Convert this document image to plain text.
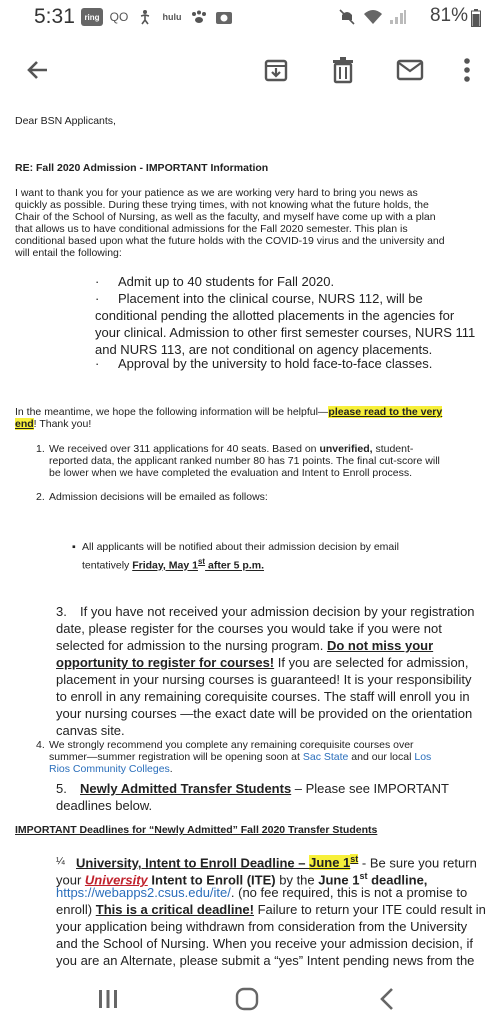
5:31	ring QO	hulu	81%
Dear BSN Applicants,
RE: Fall 2020 Admission - IMPORTANT Information
I want to thank you for your patience as we are working very hard to bring you news as
quickly as possible. During these trying times, with not knowing what the future holds, the
Chair of the School of Nursing, as well as the faculty, and myself have come up with a plan
that allows us to have conditional admissions for the Fall 2020 semester. This plan is
conditional based upon what the future holds with the COVID-19 virus and the university and
will entail the following:
· Admit up to 40 students for Fall 2020.
· Placement into the clinical course, NURS 112, will be
conditional pending the allotted placements in the agencies for
your clinical. Admission to other first semester courses, NURS 111
and NURS 113, are not conditional on agency placements.
· Approval by the university to hold face-to-face classes.
In the meantime, we hope the following information will be helpful—please read to the very
end! Thank you!
1. We received over 311 applications for 40 seats. Based on unverified, student-
reported data, the applicant ranked number 80 has 71 points. The final cut-score will
be lower when we have completed the evaluation and Intent to Enroll process.
2. Admission decisions will be emailed as follows:
▪ All applicants will be notified about their admission decision by email
tentatively Friday, May 1st after 5 p.m.
3. If you have not received your admission decision by your registration
date, please register for the courses you would take if you were not
selected for admission to the nursing program. Do not miss your
opportunity to register for courses! If you are selected for admission,
placement in your nursing courses is guaranteed! It is your responsibility
to enroll in any remaining corequisite courses. The staff will enroll you in
your nursing courses —the exact date will be provided on the orientation
canvas site.
4. We strongly recommend you complete any remaining corequisite courses over
summer—summer registration will be opening soon at Sac State and our local Los
Rios Community Colleges.
5. Newly Admitted Transfer Students – Please see IMPORTANT
deadlines below.
IMPORTANT Deadlines for “Newly Admitted” Fall 2020 Transfer Students
¼ University, Intent to Enroll Deadline – June 1st - Be sure you return
your University Intent to Enroll (ITE) by the June 1st deadline,
https://webapps2.csus.edu/ite/. (no fee required, this is not a promise to
enroll) This is a critical deadline! Failure to return your ITE could result in
your application being withdrawn from consideration from the University
and the School of Nursing. When you receive your admission decision, if
you are an Alternate, please submit a “yes” Intent pending news from the
